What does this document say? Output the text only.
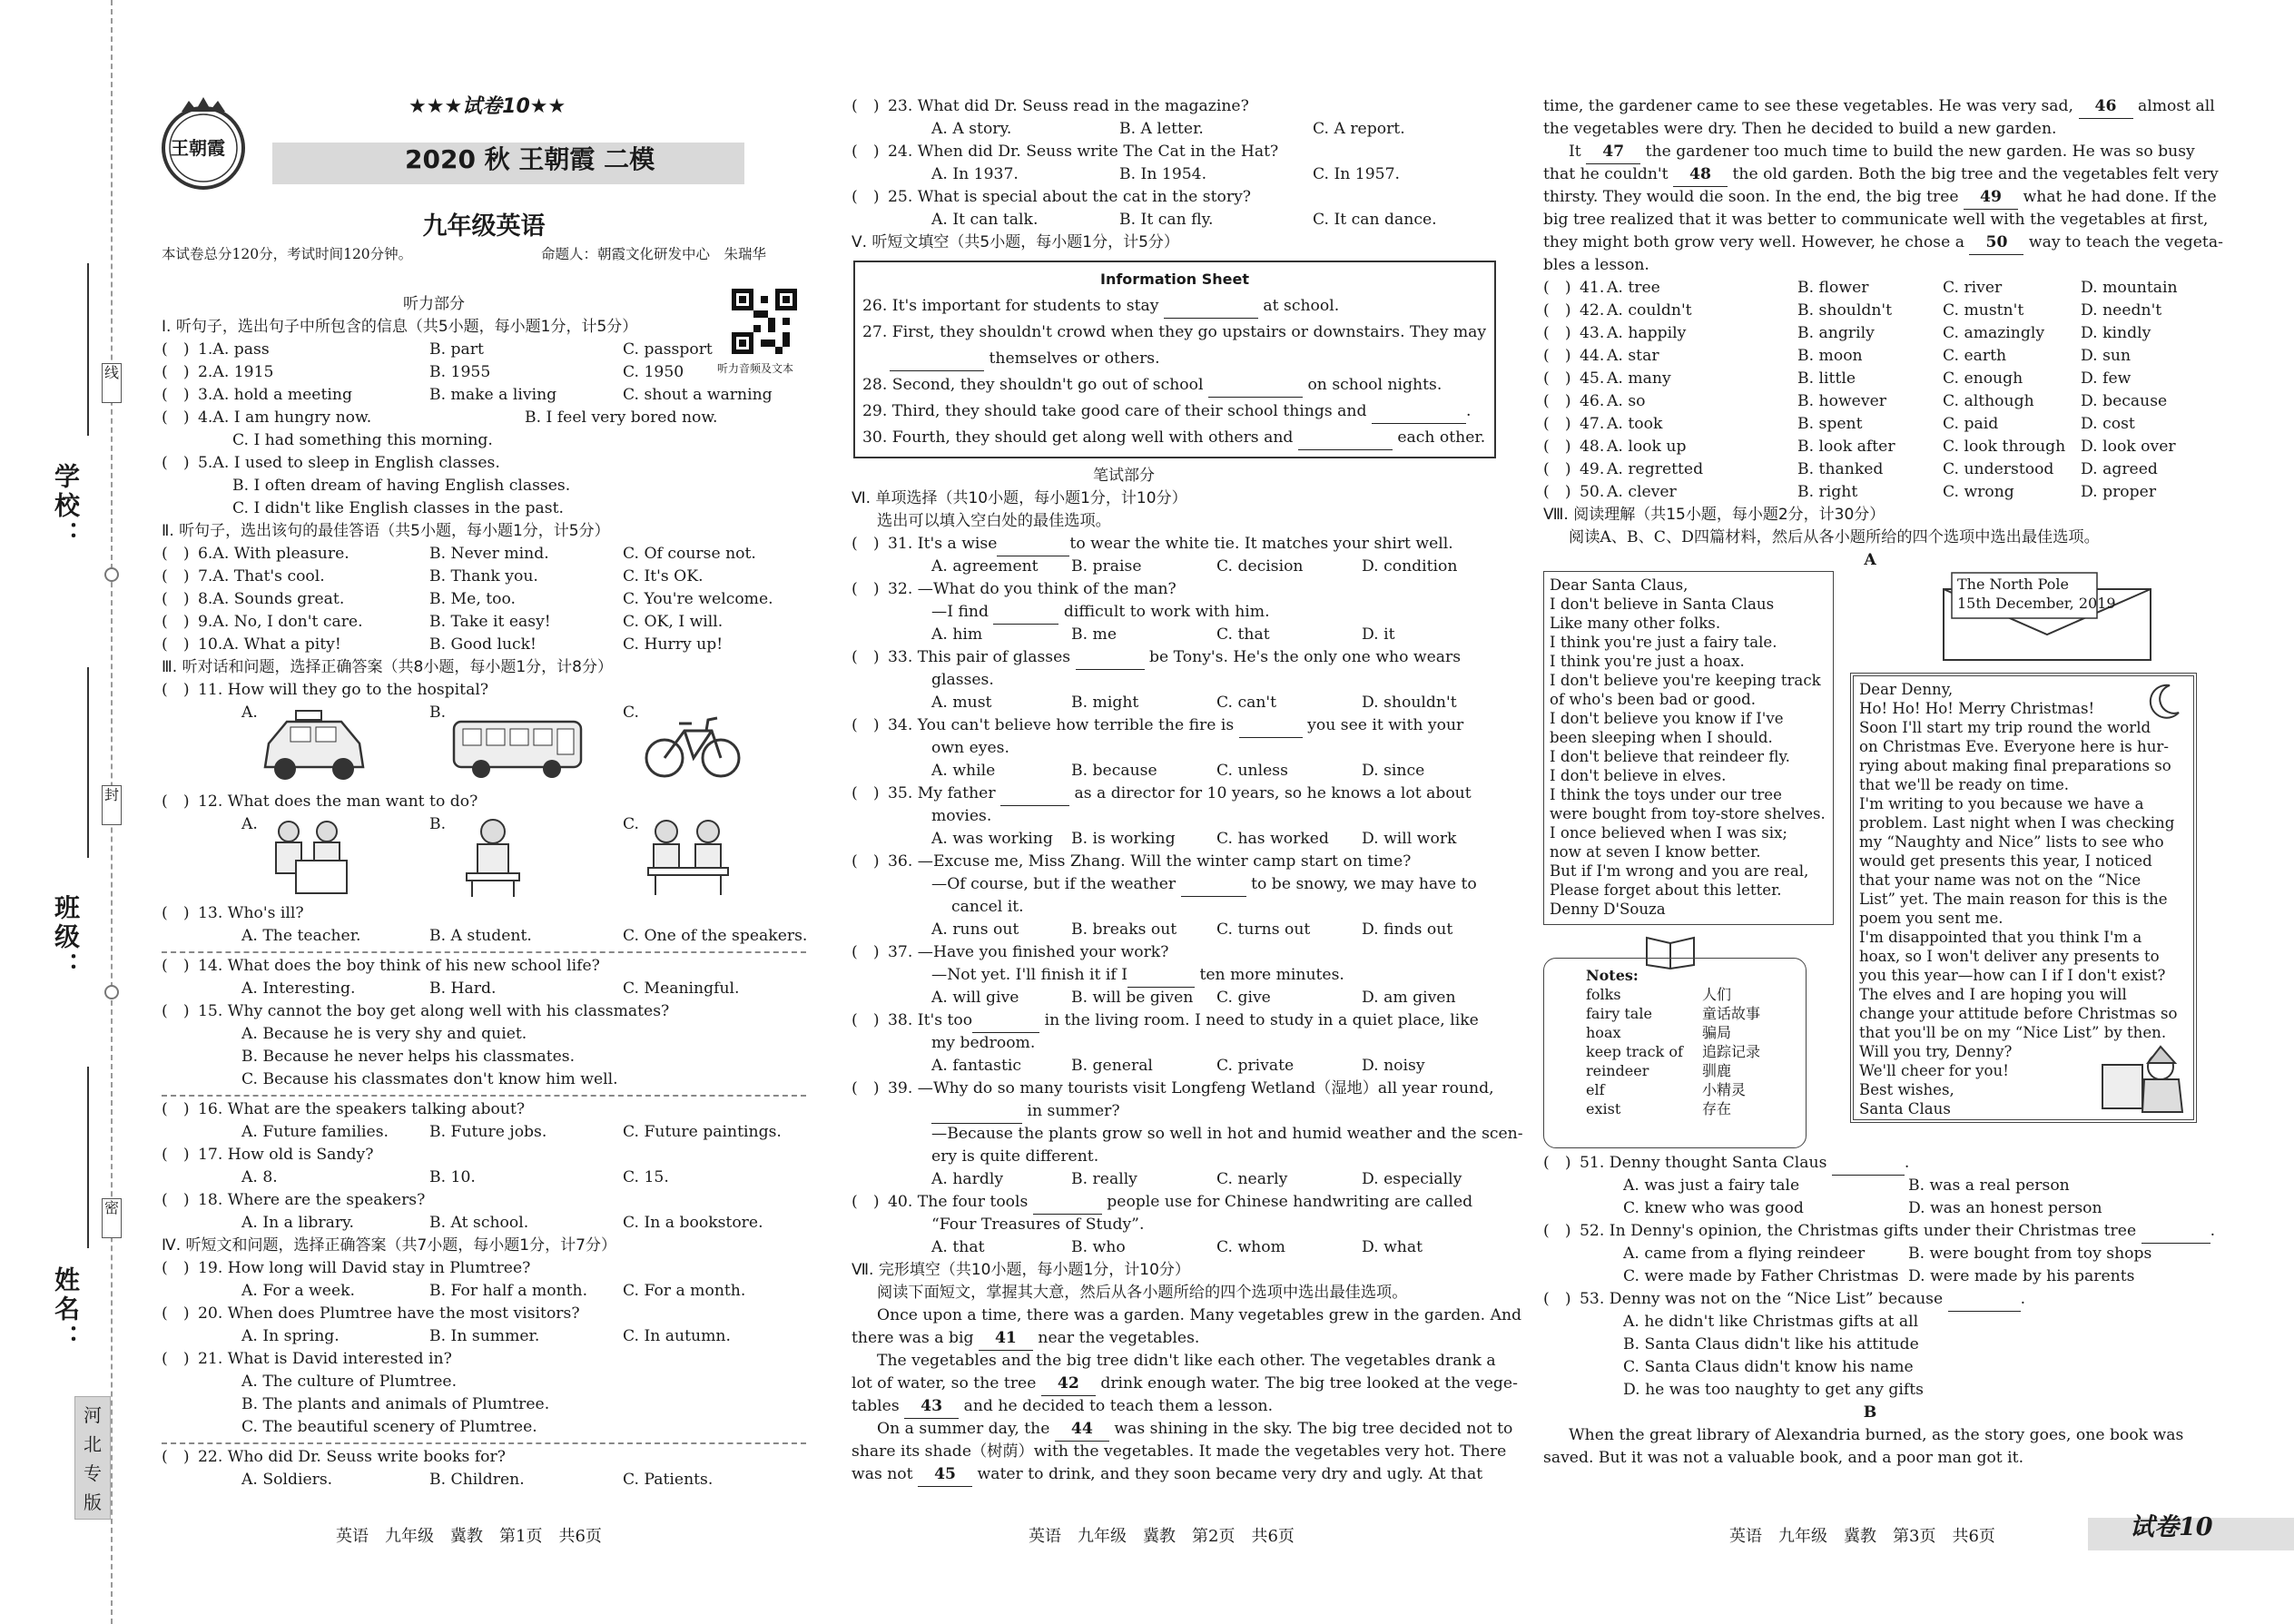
学校：
班级：
姓名：
线
封
密
河北专版
王朝霞
★★★试卷10★★
2020 秋 王朝霞 二模
听力音频及文本
九年级英语
本试卷总分120分，考试时间120分钟。	命题人：朝霞文化研发中心　朱瑞华
听力部分
Ⅰ. 听句子，选出句子中所包含的信息（共5小题，每小题1分，计5分）
(　) 1.A. pass	B. part	C. passport
(　) 2.A. 1915	B. 1955	C. 1950
(　) 3.A. hold a meeting	B. make a living	C. shout a warning
(　) 4.A. I am hungry now.	B. I feel very bored now.
C. I had something this morning.
(　) 5.A. I used to sleep in English classes.
B. I often dream of having English classes.
C. I didn't like English classes in the past.
Ⅱ. 听句子，选出该句的最佳答语（共5小题，每小题1分，计5分）
(　) 6.A. With pleasure.	B. Never mind.	C. Of course not.
(　) 7.A. That's cool.	B. Thank you.	C. It's OK.
(　) 8.A. Sounds great.	B. Me, too.	C. You're welcome.
(　) 9.A. No, I don't care.	B. Take it easy!	C. OK, I will.
(　) 10.A. What a pity!	B. Good luck!	C. Hurry up!
Ⅲ. 听对话和问题，选择正确答案（共8小题，每小题1分，计8分）
(　) 11. How will they go to the hospital?
A.	B.	C.
(　) 12. What does the man want to do?
A.	B.	C.
(　) 13. Who's ill?
A. The teacher.	B. A student.	C. One of the speakers.
(　) 14. What does the boy think of his new school life?
A. Interesting.	B. Hard.	C. Meaningful.
(　) 15. Why cannot the boy get along well with his classmates?
A. Because he is very shy and quiet.
B. Because he never helps his classmates.
C. Because his classmates don't know him well.
(　) 16. What are the speakers talking about?
A. Future families.	B. Future jobs.	C. Future paintings.
(　) 17. How old is Sandy?
A. 8.	B. 10.	C. 15.
(　) 18. Where are the speakers?
A. In a library.	B. At school.	C. In a bookstore.
Ⅳ. 听短文和问题，选择正确答案（共7小题，每小题1分，计7分）
(　) 19. How long will David stay in Plumtree?
A. For a week.	B. For half a month. C. For a month.
(　) 20. When does Plumtree have the most visitors?
A. In spring.	B. In summer.	C. In autumn.
(　) 21. What is David interested in?
A. The culture of Plumtree.
B. The plants and animals of Plumtree.
C. The beautiful scenery of Plumtree.
(　) 22. Who did Dr. Seuss write books for?
A. Soldiers.	B. Children.	C. Patients.
(　) 23. What did Dr. Seuss read in the magazine?
A. A story.	B. A letter.	C. A report.
(　) 24. When did Dr. Seuss write The Cat in the Hat?
A. In 1937.	B. In 1954.	C. In 1957.
(　) 25. What is special about the cat in the story?
A. It can talk.	B. It can fly.	C. It can dance.
Ⅴ. 听短文填空（共5小题，每小题1分，计5分）
Information Sheet
26. It's important for students to stay	at school.
27. First, they shouldn't crowd when they go upstairs or downstairs. They may
themselves or others.
28. Second, they shouldn't go out of school	on school nights.
29. Third, they should take good care of their school things and	.
30. Fourth, they should get along well with others and	each other.
笔试部分
Ⅵ. 单项选择（共10小题，每小题1分，计10分）
选出可以填入空白处的最佳选项。
(　) 31. It's a wise	to wear the white tie. It matches your shirt well.
A. agreement B. praise	C. decision	D. condition
(　) 32. —What do you think of the man?
—I find	difficult to work with him.
A. him	B. me	C. that	D. it
(　) 33. This pair of glasses	be Tony's. He's the only one who wears
glasses.
A. must	B. might	C. can't	D. shouldn't
(　) 34. You can't believe how terrible the fire is	you see it with your
own eyes.
A. while	B. because	C. unless	D. since
(　) 35. My father	as a director for 10 years, so he knows a lot about
movies.
A. was working B. is working	C. has worked D. will work
(　) 36. —Excuse me, Miss Zhang. Will the winter camp start on time?
—Of course, but if the weather	to be snowy, we may have to
cancel it.
A. runs out	B. breaks out	C. turns out	D. finds out
(　) 37. —Have you finished your work?
—Not yet. I'll finish it if I	ten more minutes.
A. will give	B. will be given C. give	D. am given
(　) 38. It's too	in the living room. I need to study in a quiet place, like
my bedroom.
A. fantastic	B. general	C. private	D. noisy
(　) 39. —Why do so many tourists visit Longfeng Wetland（湿地）all year round,
in summer?
—Because the plants grow so well in hot and humid weather and the scen-
ery is quite different.
A. hardly	B. really	C. nearly	D. especially
(　) 40. The four tools	people use for Chinese handwriting are called
“Four Treasures of Study”.
A. that	B. who	C. whom	D. what
Ⅶ. 完形填空（共10小题，每小题1分，计10分）
阅读下面短文，掌握其大意，然后从各小题所给的四个选项中选出最佳选项。
Once upon a time, there was a garden. Many vegetables grew in the garden. And
there was a big 41 near the vegetables.
The vegetables and the big tree didn't like each other. The vegetables drank a
lot of water, so the tree 42 drink enough water. The big tree looked at the vege-
tables 43 and he decided to teach them a lesson.
On a summer day, the 44 was shining in the sky. The big tree decided not to
share its shade（树荫）with the vegetables. It made the vegetables very hot. There
was not 45 water to drink, and they soon became very dry and ugly. At that
time, the gardener came to see these vegetables. He was very sad, 46 almost all
the vegetables were dry. Then he decided to build a new garden.
It 47 the gardener too much time to build the new garden. He was so busy
that he couldn't 48 the old garden. Both the big tree and the vegetables felt very
thirsty. They would die soon. In the end, the big tree 49 what he had done. If the
big tree realized that it was better to communicate well with the vegetables at first,
they might both grow very well. However, he chose a 50 way to teach the vegeta-
bles a lesson.
(　) 41. A. tree	B. flower	C. river	D. mountain
(　) 42. A. couldn't	B. shouldn't	C. mustn't	D. needn't
(　) 43. A. happily	B. angrily	C. amazingly D. kindly
(　) 44. A. star	B. moon	C. earth	D. sun
(　) 45. A. many	B. little	C. enough	D. few
(　) 46. A. so	B. however	C. although	D. because
(　) 47. A. took	B. spent	C. paid	D. cost
(　) 48. A. look up	B. look after	C. look through D. look over
(　) 49. A. regretted	B. thanked	C. understood D. agreed
(　) 50. A. clever	B. right	C. wrong	D. proper
Ⅷ. 阅读理解（共15小题，每小题2分，计30分）
阅读A、B、C、D四篇材料，然后从各小题所给的四个选项中选出最佳选项。
A
Dear Santa Claus,
I don't believe in Santa Claus
Like many other folks.
I think you're just a fairy tale.
I think you're just a hoax.
I don't believe you're keeping track
of who's been bad or good.
I don't believe you know if I've
been sleeping when I should.
I don't believe that reindeer fly.
I don't believe in elves.
I think the toys under our tree
were bought from toy-store shelves.
I once believed when I was six;
now at seven I know better.
But if I'm wrong and you are real,
Please forget about this letter.
Denny D'Souza
Notes:
folks	人们
fairy tale	童话故事
hoax	骗局
keep track of 追踪记录
reindeer	驯鹿
elf	小精灵
exist	存在
The North Pole
15th December, 2019
Dear Denny,
Ho! Ho! Ho! Merry Christmas!
Soon I'll start my trip round the world
on Christmas Eve. Everyone here is hur-
rying about making final preparations so
that we'll be ready on time.
I'm writing to you because we have a
problem. Last night when I was checking
my “Naughty and Nice” lists to see who
would get presents this year, I noticed
that your name was not on the “Nice
List” yet. The main reason for this is the
poem you sent me.
I'm disappointed that you think I'm a
hoax, so I won't deliver any presents to
you this year—how can I if I don't exist?
The elves and I are hoping you will
change your attitude before Christmas so
that you'll be on my “Nice List” by then.
Will you try, Denny?
We'll cheer for you!
Best wishes,
Santa Claus
(　) 51. Denny thought Santa Claus	.
A. was just a fairy tale	B. was a real person
C. knew who was good	D. was an honest person
(　) 52. In Denny's opinion, the Christmas gifts under their Christmas tree	.
A. came from a flying reindeer	B. were bought from toy shops
C. were made by Father Christmas D. were made by his parents
(　) 53. Denny was not on the “Nice List” because	.
A. he didn't like Christmas gifts at all
B. Santa Claus didn't like his attitude
C. Santa Claus didn't know his name
D. he was too naughty to get any gifts
B
When the great library of Alexandria burned, as the story goes, one book was
saved. But it was not a valuable book, and a poor man got it.
英语　九年级　冀教　第1页　共6页	英语　九年级　冀教　第2页　共6页	英语　九年级　冀教　第3页　共6页	试卷10
